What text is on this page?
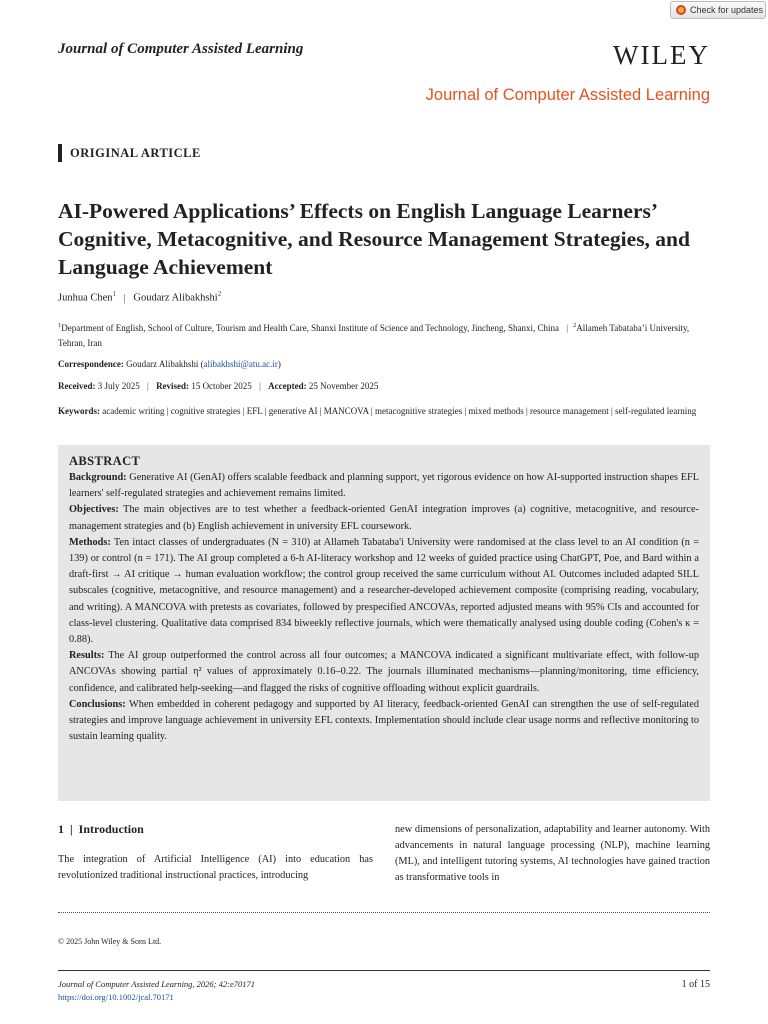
Check for updates
Journal of Computer Assisted Learning	WILEY
Journal of Computer Assisted Learning
ORIGINAL ARTICLE
AI-Powered Applications’ Effects on English Language Learners’ Cognitive, Metacognitive, and Resource Management Strategies, and Language Achievement
Junhua Chen$^1$ | Goudarz Alibakhshi$^2$
$^1$Department of English, School of Culture, Tourism and Health Care, Shanxi Institute of Science and Technology, Jincheng, Shanxi, China | $^2$Allameh Tabataba’i University, Tehran, Iran
Correspondence: Goudarz Alibakhshi (alibakhshi@atu.ac.ir)
Received: 3 July 2025 | Revised: 15 October 2025 | Accepted: 25 November 2025
Keywords: academic writing | cognitive strategies | EFL | generative AI | MANCOVA | metacognitive strategies | mixed methods | resource management | self-regulated learning
ABSTRACT

Background: Generative AI (GenAI) offers scalable feedback and planning support, yet rigorous evidence on how AI-supported instruction shapes EFL learners' self-regulated strategies and achievement remains limited.

Objectives: The main objectives are to test whether a feedback-oriented GenAI integration improves (a) cognitive, metacognitive, and resource-management strategies and (b) English achievement in university EFL coursework.

Methods: Ten intact classes of undergraduates (N = 310) at Allameh Tabataba'i University were randomised at the class level to an AI condition (n = 139) or control (n = 171). The AI group completed a 6-h AI-literacy workshop and 12 weeks of guided practice using ChatGPT, Poe, and Bard within a draft-first → AI critique → human evaluation workflow; the control group received the same curriculum without AI. Outcomes included adapted SILL subscales (cognitive, metacognitive, and resource management) and a researcher-developed achievement composite (comprising reading, vocabulary, and writing). A MANCOVA with pretests as covariates, followed by prespecified ANCOVAs, reported adjusted means with 95% CIs and accounted for class-level clustering. Qualitative data comprised 834 biweekly reflective journals, which were thematically analysed using double coding (Cohen's κ = 0.88).

Results: The AI group outperformed the control across all four outcomes; a MANCOVA indicated a significant multivariate effect, with follow-up ANCOVAs showing partial η² values of approximately 0.16–0.22. The journals illuminated mechanisms—planning/monitoring, time efficiency, confidence, and calibrated help-seeking—and flagged the risks of cognitive offloading without explicit guardrails.

Conclusions: When embedded in coherent pedagogy and supported by AI literacy, feedback-oriented GenAI can strengthen the use of self-regulated strategies and improve language achievement in university EFL contexts. Implementation should include clear usage norms and reflective monitoring to sustain learning quality.

1  |  Introduction
The integration of Artificial Intelligence (AI) into education has revolutionized traditional instructional practices, introducing
new dimensions of personalization, adaptability and learner autonomy. With advancements in natural language processing (NLP), machine learning (ML), and intelligent tutoring systems, AI technologies have gained traction as transformative tools in
© 2025 John Wiley & Sons Ltd.
Journal of Computer Assisted Learning, 2026; 42:e70171
https://doi.org/10.1002/jcal.70171
1 of 15
